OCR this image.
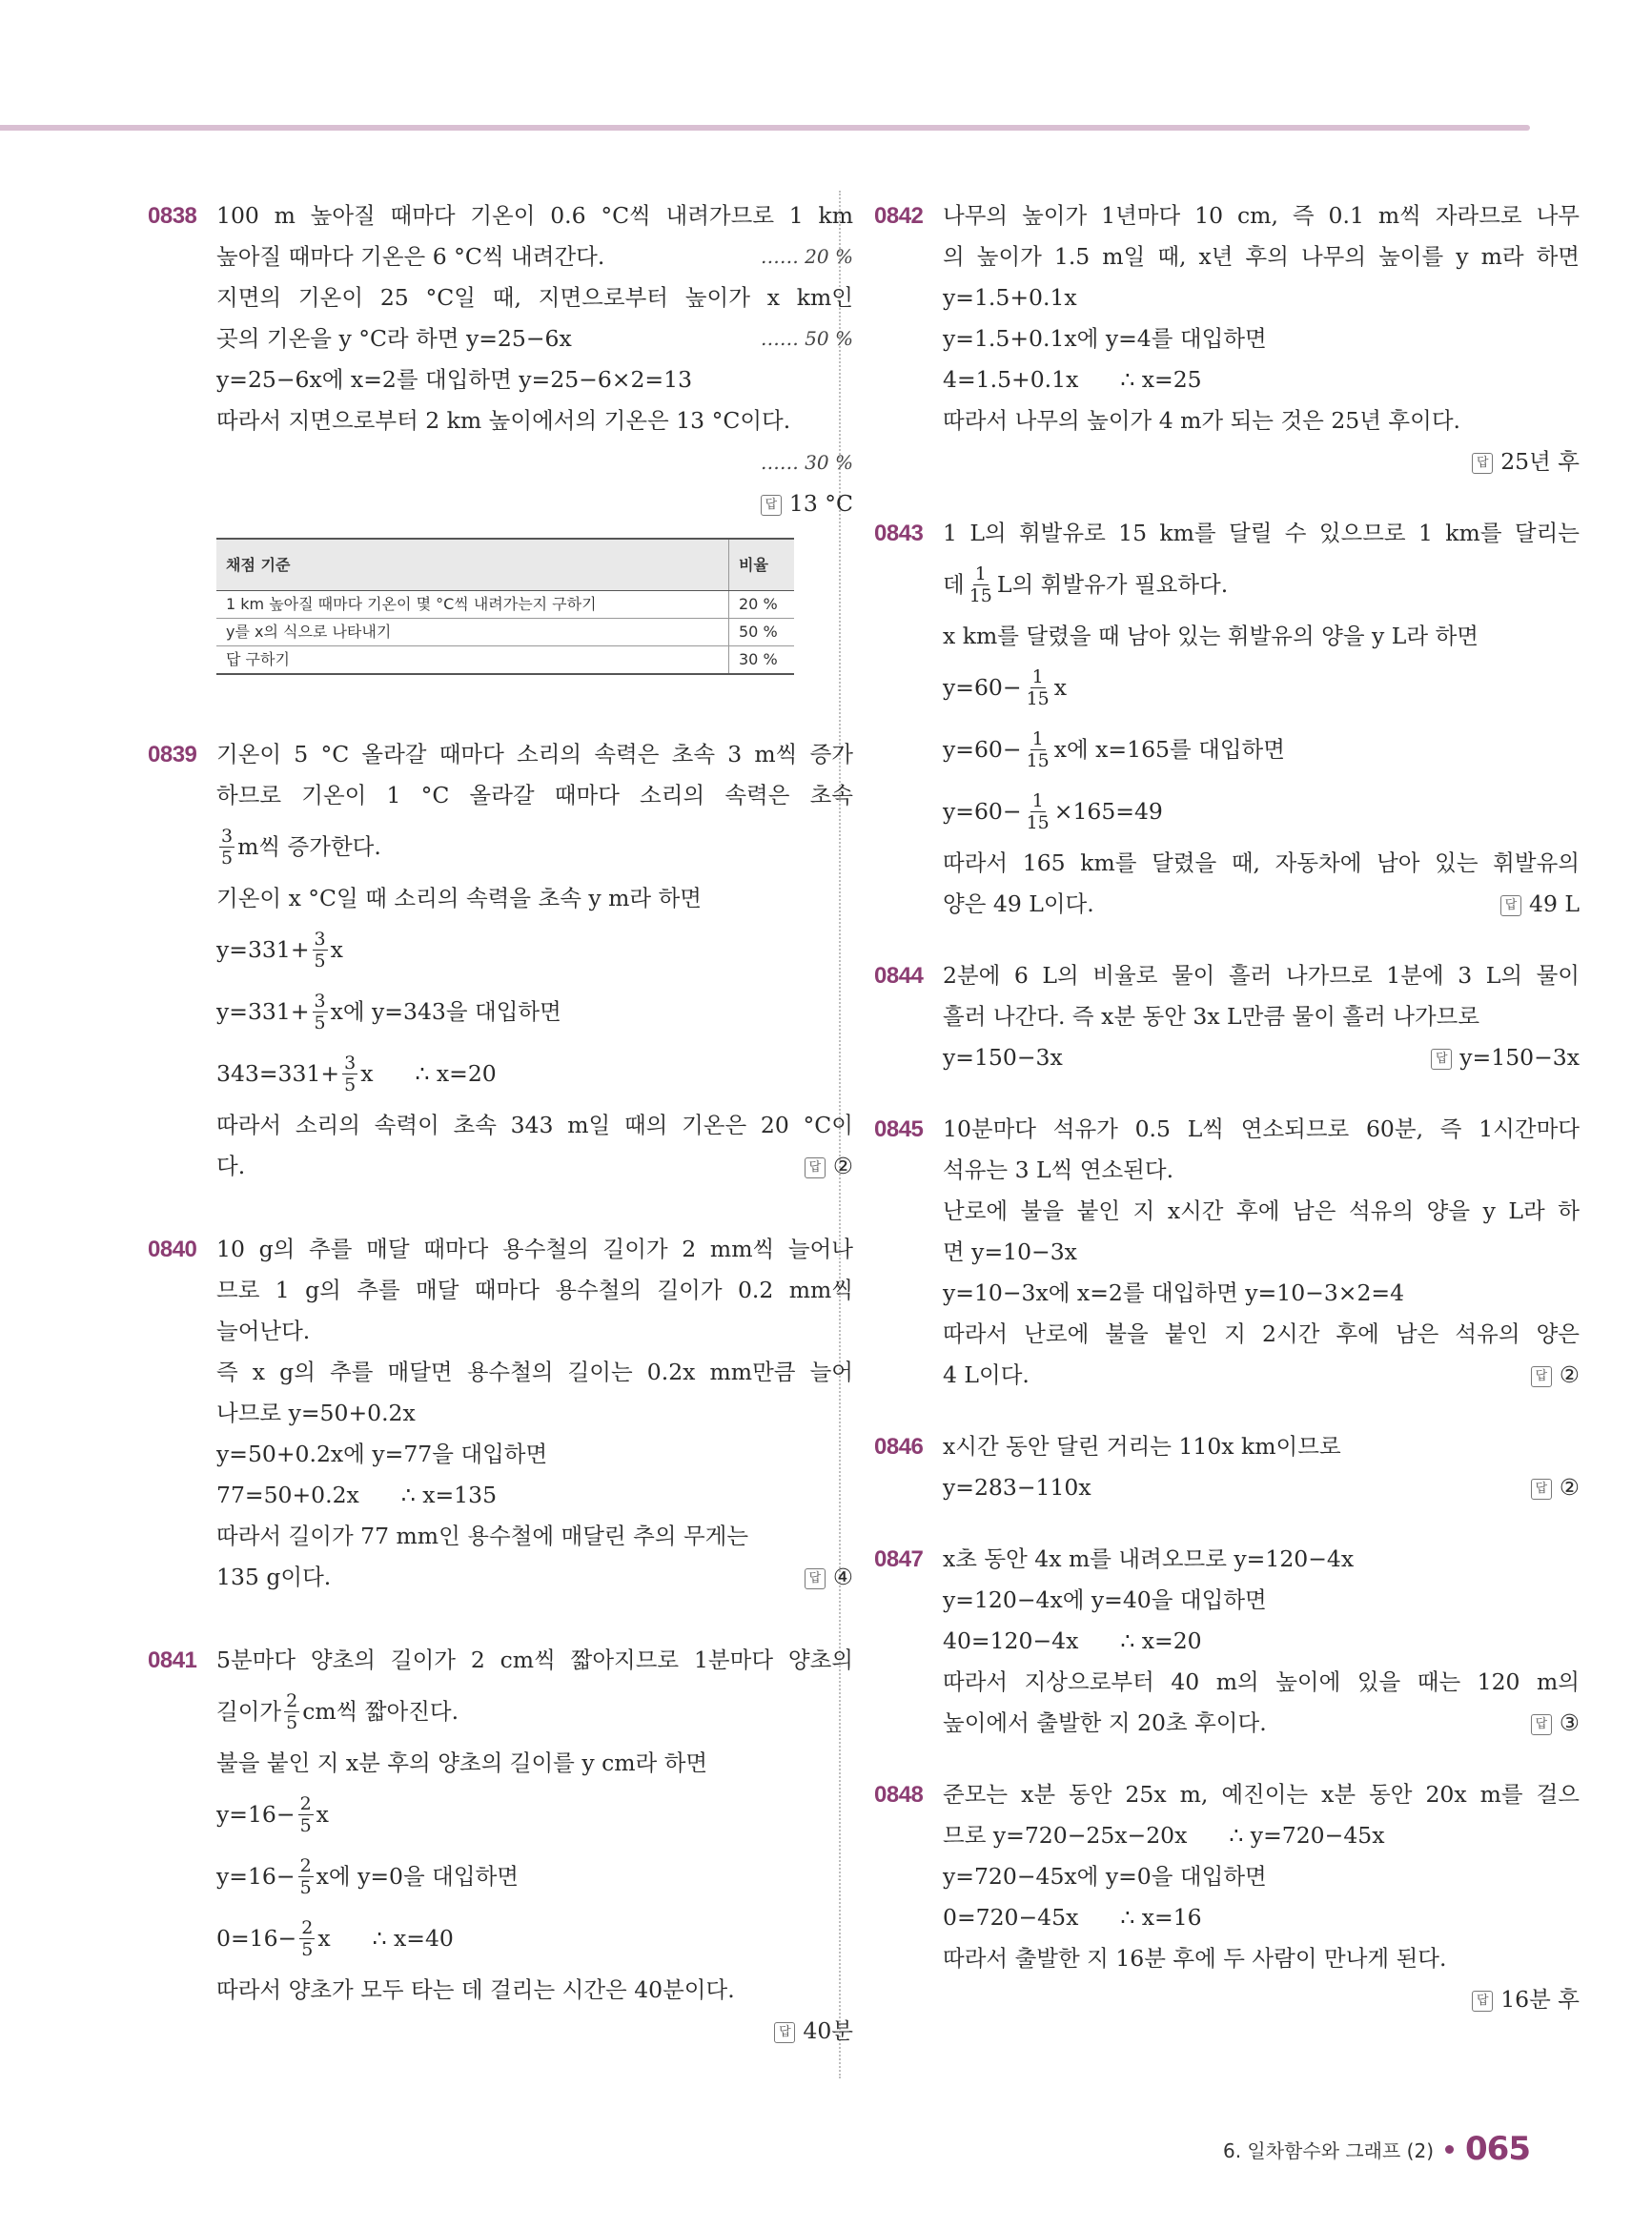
0838 100 m 높아질 때마다 기온이 0.6 °C씩 내려가므로 1 km
높아질 때마다 기온은 6 °C씩 내려간다.	…… 20 %
지면의 기온이 25 °C일 때, 지면으로부터 높이가 x km인
곳의 기온을 y °C라 하면 y=25−6x	…… 50 %
y=25−6x에 x=2를 대입하면 y=25−6×2=13
따라서 지면으로부터 2 km 높이에서의 기온은 13 °C이다.
…… 30 %
답 13 °C
채점 기준	비율
1 km 높아질 때마다 기온이 몇 °C씩 내려가는지 구하기	20 %
y를 x의 식으로 나타내기	50 %
답 구하기	30 %
0839 기온이 5 °C 올라갈 때마다 소리의 속력은 초속 3 m씩 증가
하므로 기온이 1 °C 올라갈 때마다 소리의 속력은 초속
$\frac{3}{5}$ m씩 증가한다.
기온이 x °C일 때 소리의 속력을 초속 y m라 하면
$y=331+ \frac{3}{5}$ x
$y=331+ \frac{3}{5}$ x에 y=343을 대입하면
$343=331+ \frac{3}{5}$ x ∴ x=20
따라서 소리의 속력이 초속 343 m일 때의 기온은 20 °C이
다.	답 ②
0840 10 g의 추를 매달 때마다 용수철의 길이가 2 mm씩 늘어나
므로 1 g의 추를 매달 때마다 용수철의 길이가 0.2 mm씩
늘어난다.
즉 x g의 추를 매달면 용수철의 길이는 0.2x mm만큼 늘어
나므로 y=50+0.2x
y=50+0.2x에 y=77을 대입하면
77=50+0.2x ∴ x=135
따라서 길이가 77 mm인 용수철에 매달린 추의 무게는
135 g이다.	답 ④
0841 5분마다 양초의 길이가 2 cm씩 짧아지므로 1분마다 양초의
길이가 $\frac{2}{5}$ cm씩 짧아진다.
불을 붙인 지 x분 후의 양초의 길이를 y cm라 하면
$y=16- \frac{2}{5}$ x
$y=16- \frac{2}{5}$ x에 y=0을 대입하면
$0=16- \frac{2}{5}$ x ∴ x=40
따라서 양초가 모두 타는 데 걸리는 시간은 40분이다.
답 40분
0842 나무의 높이가 1년마다 10 cm, 즉 0.1 m씩 자라므로 나무
의 높이가 1.5 m일 때, x년 후의 나무의 높이를 y m라 하면
y=1.5+0.1x
y=1.5+0.1x에 y=4를 대입하면
4=1.5+0.1x ∴ x=25
따라서 나무의 높이가 4 m가 되는 것은 25년 후이다.
답 25년 후
0843 1 L의 휘발유로 15 km를 달릴 수 있으므로 1 km를 달리는
데 $\frac{1}{15}$ L의 휘발유가 필요하다.
x km를 달렸을 때 남아 있는 휘발유의 양을 y L라 하면
$y=60- \frac{1}{15}$ x
$y=60- \frac{1}{15}$ x에 x=165를 대입하면
$y=60- \frac{1}{15} \times 165=49$
따라서 165 km를 달렸을 때, 자동차에 남아 있는 휘발유의
양은 49 L이다.	답 49 L
0844 2분에 6 L의 비율로 물이 흘러 나가므로 1분에 3 L의 물이
흘러 나간다. 즉 x분 동안 3x L만큼 물이 흘러 나가므로
y=150−3x	답 y=150−3x
0845 10분마다 석유가 0.5 L씩 연소되므로 60분, 즉 1시간마다
석유는 3 L씩 연소된다.
난로에 불을 붙인 지 x시간 후에 남은 석유의 양을 y L라 하
면 y=10−3x
y=10−3x에 x=2를 대입하면 y=10−3×2=4
따라서 난로에 불을 붙인 지 2시간 후에 남은 석유의 양은
4 L이다.	답 ②
0846 x시간 동안 달린 거리는 110x km이므로
y=283−110x	답 ②
0847 x초 동안 4x m를 내려오므로 y=120−4x
y=120−4x에 y=40을 대입하면
40=120−4x ∴ x=20
따라서 지상으로부터 40 m의 높이에 있을 때는 120 m의
높이에서 출발한 지 20초 후이다.	답 ③
0848 준모는 x분 동안 25x m, 예진이는 x분 동안 20x m를 걸으
므로 y=720−25x−20x ∴ y=720−45x
y=720−45x에 y=0을 대입하면
0=720−45x ∴ x=16
따라서 출발한 지 16분 후에 두 사람이 만나게 된다.
답 16분 후
6. 일차함수와 그래프 (2) 065
